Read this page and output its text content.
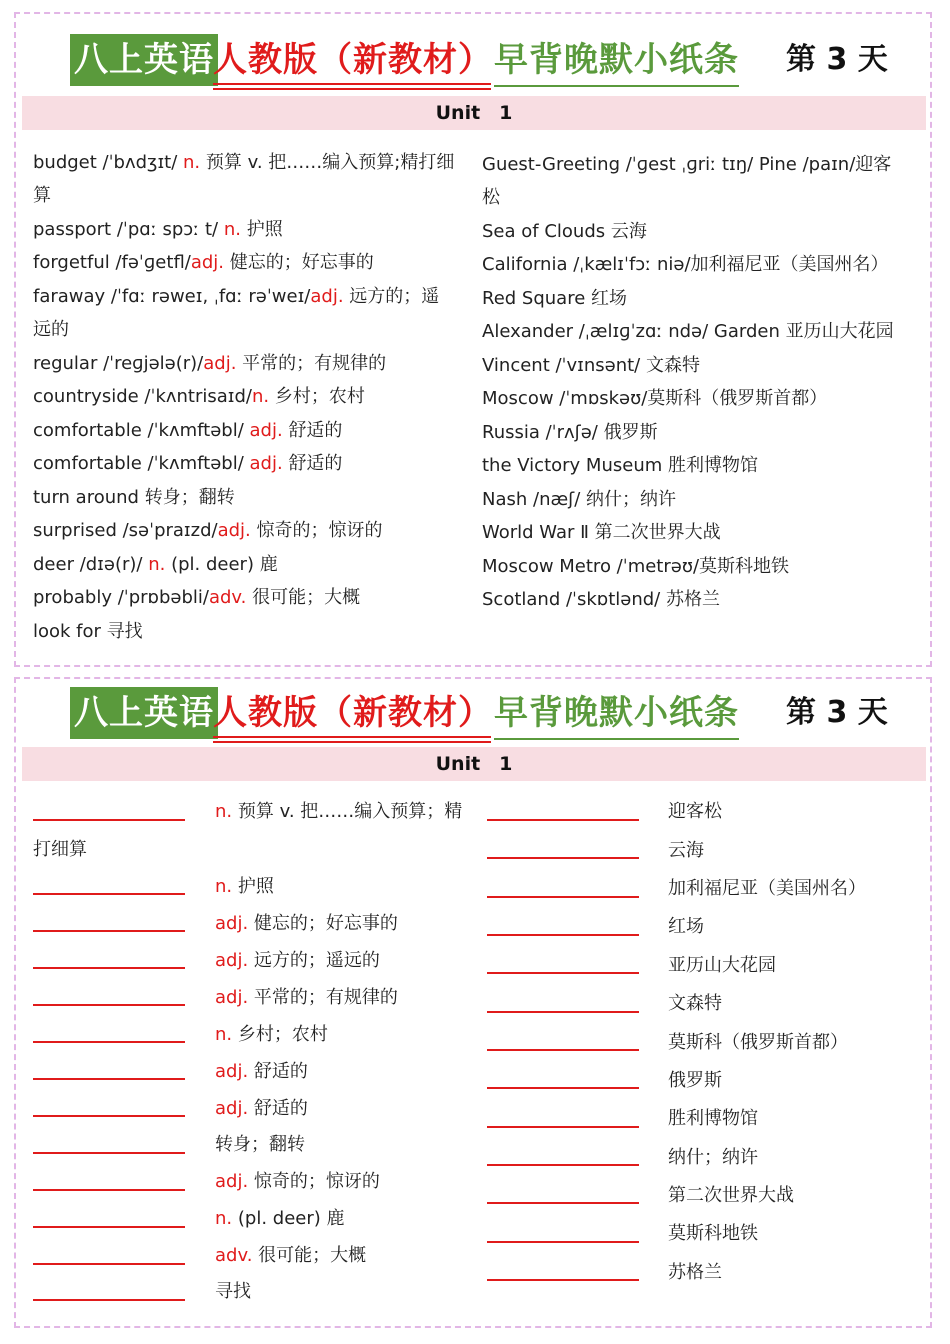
八上英语 人教版（新教材） 早背晚默小纸条 第 3 天
Unit　1
budget /ˈbʌdʒɪt/ n. 预算 v. 把……编入预算;精打细
算
passport /ˈpɑː spɔː t/ n. 护照
forgetful /fəˈɡetfl/adj. 健忘的；好忘事的
faraway /ˈfɑː rəweɪ, ˌfɑː rəˈweɪ/adj. 远方的；遥
远的
regular /ˈreɡjələ(r)/adj. 平常的；有规律的
countryside /ˈkʌntrisaɪd/n. 乡村；农村
comfortable /ˈkʌmftəbl/ adj. 舒适的
comfortable /ˈkʌmftəbl/ adj. 舒适的
turn around 转身；翻转
surprised /səˈpraɪzd/adj. 惊奇的；惊讶的
deer /dɪə(r)/ n. (pl. deer) 鹿
probably /ˈprɒbəbli/adv. 很可能；大概
look for 寻找
Guest-Greeting /ˈɡest ˌɡriː tɪŋ/ Pine /paɪn/迎客
松
Sea of Clouds 云海
California /ˌkælɪˈfɔː niə/加利福尼亚（美国州名）
Red Square 红场
Alexander /ˌælɪɡˈzɑː ndə/ Garden 亚历山大花园
Vincent /ˈvɪnsənt/ 文森特
Moscow /ˈmɒskəʊ/莫斯科（俄罗斯首都）
Russia /ˈrʌʃə/ 俄罗斯
the Victory Museum 胜利博物馆
Nash /næʃ/ 纳什；纳许
World War Ⅱ 第二次世界大战
Moscow Metro /ˈmetrəʊ/莫斯科地铁
Scotland /ˈskɒtlənd/ 苏格兰
八上英语 人教版（新教材） 早背晚默小纸条 第 3 天
Unit　1
n. 预算 v. 把……编入预算；精
打细算
n. 护照
adj. 健忘的；好忘事的
adj. 远方的；遥远的
adj. 平常的；有规律的
n. 乡村；农村
adj. 舒适的
adj. 舒适的
转身；翻转
adj. 惊奇的；惊讶的
n. (pl. deer) 鹿
adv. 很可能；大概
寻找
迎客松
云海
加利福尼亚（美国州名）
红场
亚历山大花园
文森特
莫斯科（俄罗斯首都）
俄罗斯
胜利博物馆
纳什；纳许
第二次世界大战
莫斯科地铁
苏格兰
